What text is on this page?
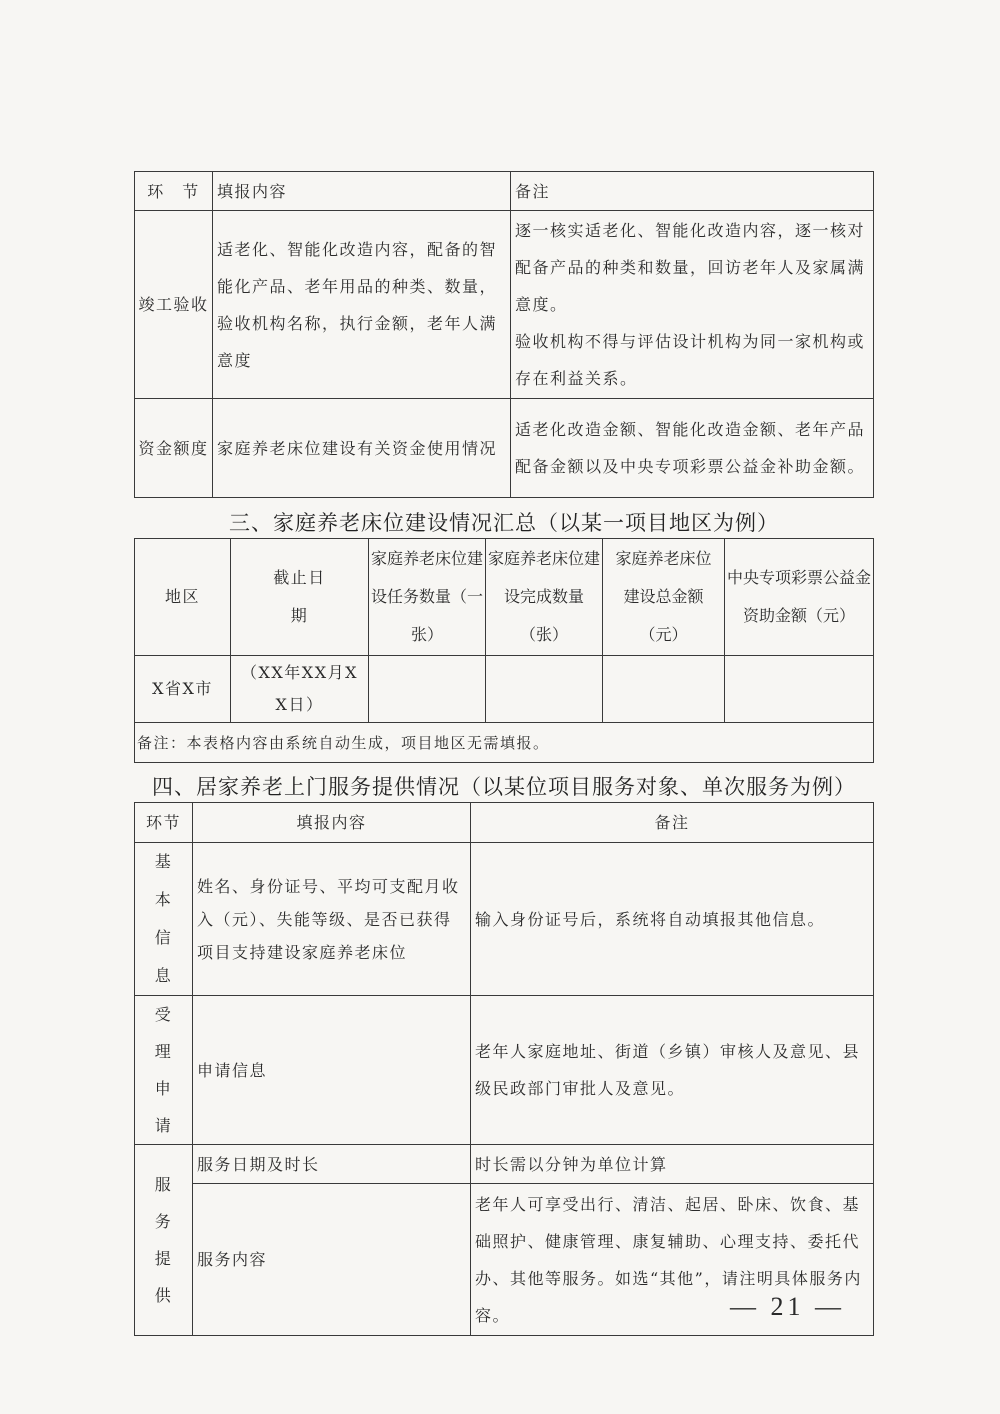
环　节	填报内容	备注
竣工验收	适老化、智能化改造内容，配备的智能化产品、老年用品的种类、数量，验收机构名称，执行金额，老年人满意度	逐一核实适老化、智能化改造内容，逐一核对配备产品的种类和数量，回访老年人及家属满意度。
验收机构不得与评估设计机构为同一家机构或存在利益关系。

资金额度	家庭养老床位建设有关资金使用情况	适老化改造金额、智能化改造金额、老年产品配备金额以及中央专项彩票公益金补助金额。
三、家庭养老床位建设情况汇总（以某一项目地区为例）
地区	截止日期	家庭养老床位建设任务数量（一张）	家庭养老床位建设完成数量（张）	家庭养老床位建设总金额（元）	中央专项彩票公益金资助金额（元）
X省X市	（XX年XX月XX日）				
备注：本表格内容由系统自动生成，项目地区无需填报。					
四、居家养老上门服务提供情况（以某位项目服务对象、单次服务为例）
环节	填报内容	备注
基本信息	姓名、身份证号、平均可支配月收入（元）、失能等级、是否已获得项目支持建设家庭养老床位	输入身份证号后，系统将自动填报其他信息。
受理申请	申请信息	老年人家庭地址、街道（乡镇）审核人及意见、县级民政部门审批人及意见。
服务提供	服务日期及时长	时长需以分钟为单位计算
	服务内容	老年人可享受出行、清洁、起居、卧床、饮食、基础照护、健康管理、康复辅助、心理支持、委托代办、其他等服务。如选“其他”，请注明具体服务内容。	— 21 —
